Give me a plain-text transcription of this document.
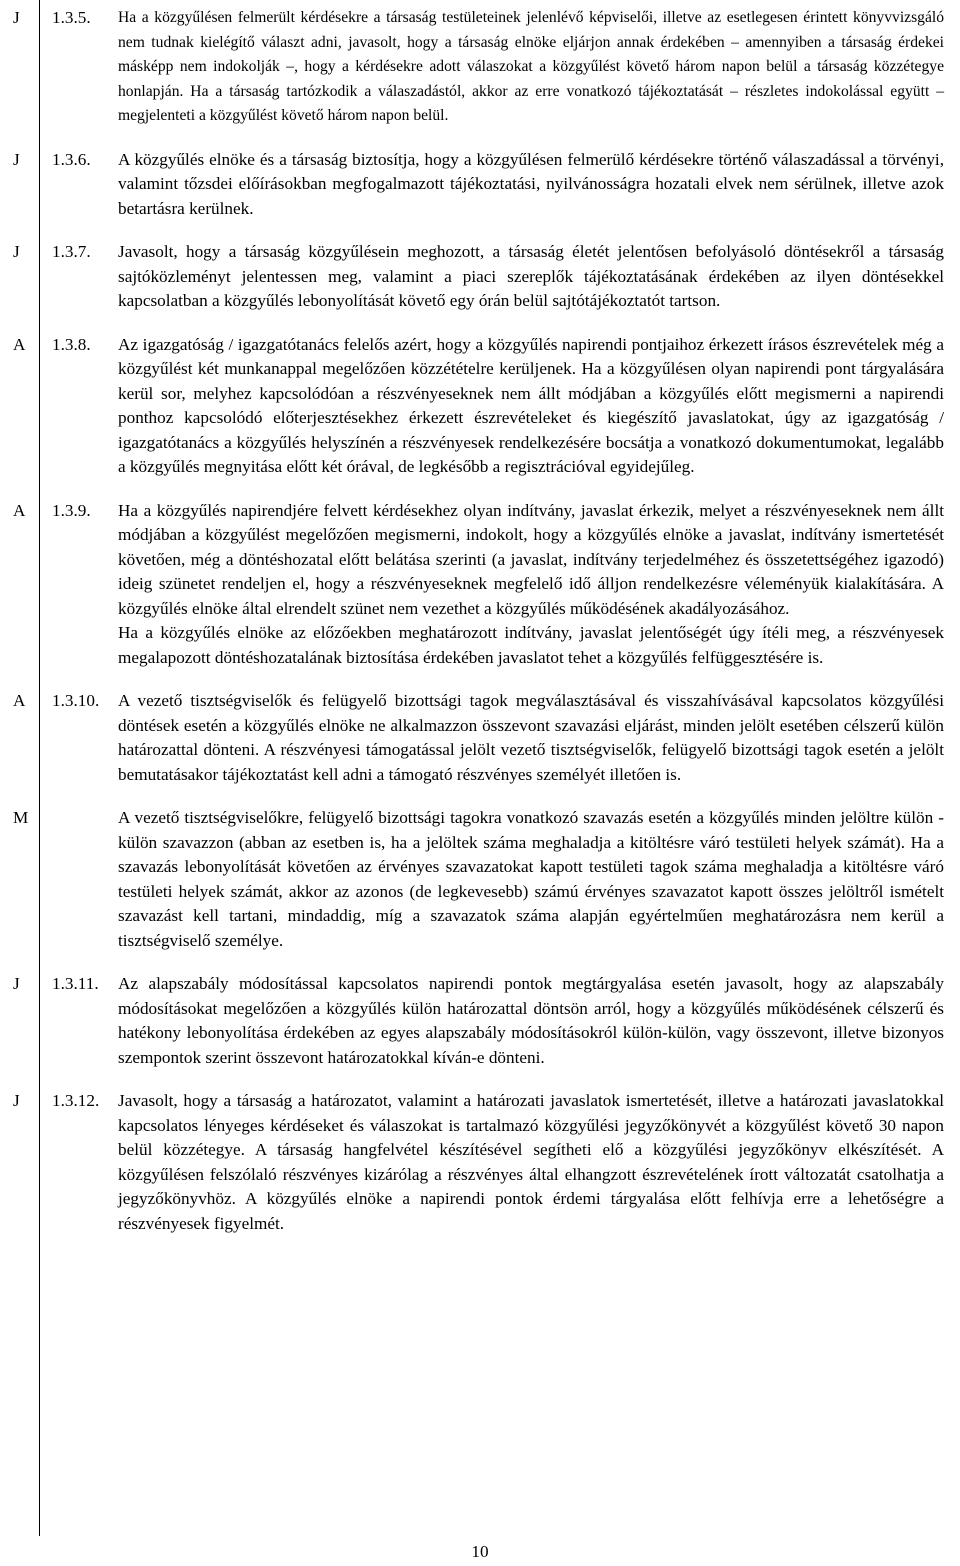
J	1.3.5. Ha a közgyűlésen felmerült kérdésekre a társaság testületeinek jelenlévő képviselői, illetve az esetlegesen érintett könyvvizsgáló nem tudnak kielégítő választ adni, javasolt, hogy a társaság elnöke eljárjon annak érdekében – amennyiben a társaság érdekei másképp nem indokolják –, hogy a kérdésekre adott válaszokat a közgyűlést követő három napon belül a társaság közzétegye honlapján. Ha a társaság tartózkodik a válaszadástól, akkor az erre vonatkozó tájékoztatását – részletes indokolással együtt – megjelenteti a közgyűlést követő három napon belül.

J	1.3.6. A közgyűlés elnöke és a társaság biztosítja, hogy a közgyűlésen felmerülő kérdésekre történő válaszadással a törvényi, valamint tőzsdei előírásokban megfogalmazott tájékoztatási, nyilvánosságra hozatali elvek nem sérülnek, illetve azok betartásra kerülnek.

J	1.3.7. Javasolt, hogy a társaság közgyűlésein meghozott, a társaság életét jelentősen befolyásoló döntésekről a társaság sajtóközleményt jelentessen meg, valamint a piaci szereplők tájékoztatásának érdekében az ilyen döntésekkel kapcsolatban a közgyűlés lebonyolítását követő egy órán belül sajtótájékoztatót tartson.

A	1.3.8. Az igazgatóság / igazgatótanács felelős azért, hogy a közgyűlés napirendi pontjaihoz érkezett írásos észrevételek még a közgyűlést két munkanappal megelőzően közzétételre kerüljenek. Ha a közgyűlésen olyan napirendi pont tárgyalására kerül sor, melyhez kapcsolódóan a részvényeseknek nem állt módjában a közgyűlés előtt megismerni a napirendi ponthoz kapcsolódó előterjesztésekhez érkezett észrevételeket és kiegészítő javaslatokat, úgy az igazgatóság / igazgatótanács a közgyűlés helyszínén a részvényesek rendelkezésére bocsátja a vonatkozó dokumentumokat, legalább a közgyűlés megnyitása előtt két órával, de legkésőbb a regisztrációval egyidejűleg.

A	1.3.9. Ha a közgyűlés napirendjére felvett kérdésekhez olyan indítvány, javaslat érkezik, melyet a részvényeseknek nem állt módjában a közgyűlést megelőzően megismerni, indokolt, hogy a közgyűlés elnöke a javaslat, indítvány ismertetését követően, még a döntéshozatal előtt belátása szerinti (a javaslat, indítvány terjedelméhez és összetettségéhez igazodó) ideig szünetet rendeljen el, hogy a részvényeseknek megfelelő idő álljon rendelkezésre véleményük kialakítására. A közgyűlés elnöke által elrendelt szünet nem vezethet a közgyűlés működésének akadályozásához.

Ha a közgyűlés elnöke az előzőekben meghatározott indítvány, javaslat jelentőségét úgy ítéli meg, a részvényesek megalapozott döntéshozatalának biztosítása érdekében javaslatot tehet a közgyűlés felfüggesztésére is.

A	1.3.10. A vezető tisztségviselők és felügyelő bizottsági tagok megválasztásával és visszahívásával kapcsolatos közgyűlési döntések esetén a közgyűlés elnöke ne alkalmazzon összevont szavazási eljárást, minden jelölt esetében célszerű külön határozattal dönteni. A részvényesi támogatással jelölt vezető tisztségviselők, felügyelő bizottsági tagok esetén a jelölt bemutatásakor tájékoztatást kell adni a támogató részvényes személyét illetően is.

M	A vezető tisztségviselőkre, felügyelő bizottsági tagokra vonatkozó szavazás esetén a közgyűlés minden jelöltre külön - külön szavazzon (abban az esetben is, ha a jelöltek száma meghaladja a kitöltésre váró testületi helyek számát). Ha a szavazás lebonyolítását követően az érvényes szavazatokat kapott testületi tagok száma meghaladja a kitöltésre váró testületi helyek számát, akkor az azonos (de legkevesebb) számú érvényes szavazatot kapott összes jelöltről ismételt szavazást kell tartani, mindaddig, míg a szavazatok száma alapján egyértelműen meghatározásra nem kerül a tisztségviselő személye.

J	1.3.11. Az alapszabály módosítással kapcsolatos napirendi pontok megtárgyalása esetén javasolt, hogy az alapszabály módosításokat megelőzően a közgyűlés külön határozattal döntsön arról, hogy a közgyűlés működésének célszerű és hatékony lebonyolítása érdekében az egyes alapszabály módosításokról külön-külön, vagy összevont, illetve bizonyos szempontok szerint összevont határozatokkal kíván-e dönteni.

J	1.3.12. Javasolt, hogy a társaság a határozatot, valamint a határozati javaslatok ismertetését, illetve a határozati javaslatokkal kapcsolatos lényeges kérdéseket és válaszokat is tartalmazó közgyűlési jegyzőkönyvét a közgyűlést követő 30 napon belül közzétegye. A társaság hangfelvétel készítésével segítheti elő a közgyűlési jegyzőkönyv elkészítését. A közgyűlésen felszólaló részvényes kizárólag a részvényes által elhangzott észrevételének írott változatát csatolhatja a jegyzőkönyvhöz. A közgyűlés elnöke a napirendi pontok érdemi tárgyalása előtt felhívja erre a lehetőségre a részvényesek figyelmét.

10
